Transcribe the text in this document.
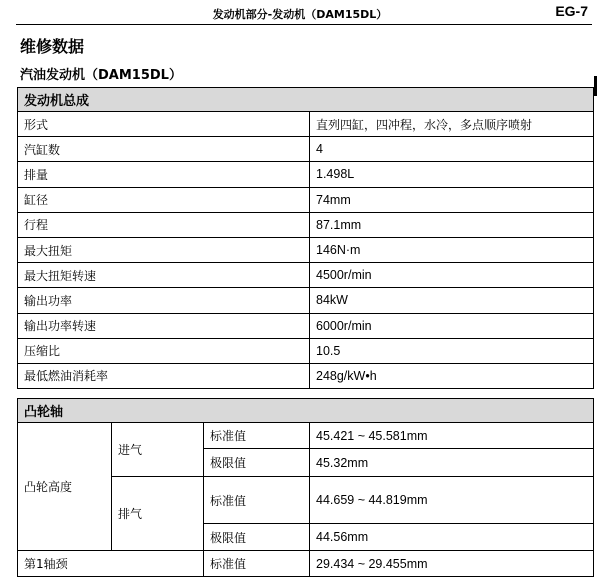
发动机部分-发动机（DAM15DL）	EG-7
维修数据
汽油发动机（DAM15DL）
发动机总成	
形式	直列四缸，四冲程，水冷，多点顺序喷射
汽缸数	4
排量	1.498L
缸径	74mm
行程	87.1mm
最大扭矩	146N·m
最大扭矩转速	4500r/min
输出功率	84kW
输出功率转速	6000r/min
压缩比	10.5
最低燃油消耗率	248g/kW•h
凸轮轴			
凸轮高度	进气	标准值	45.421 ~ 45.581mm
		极限值	45.32mm
	排气	标准值	44.659 ~ 44.819mm
		极限值	44.56mm
第1轴颈		标准值	29.434 ~ 29.455mm
